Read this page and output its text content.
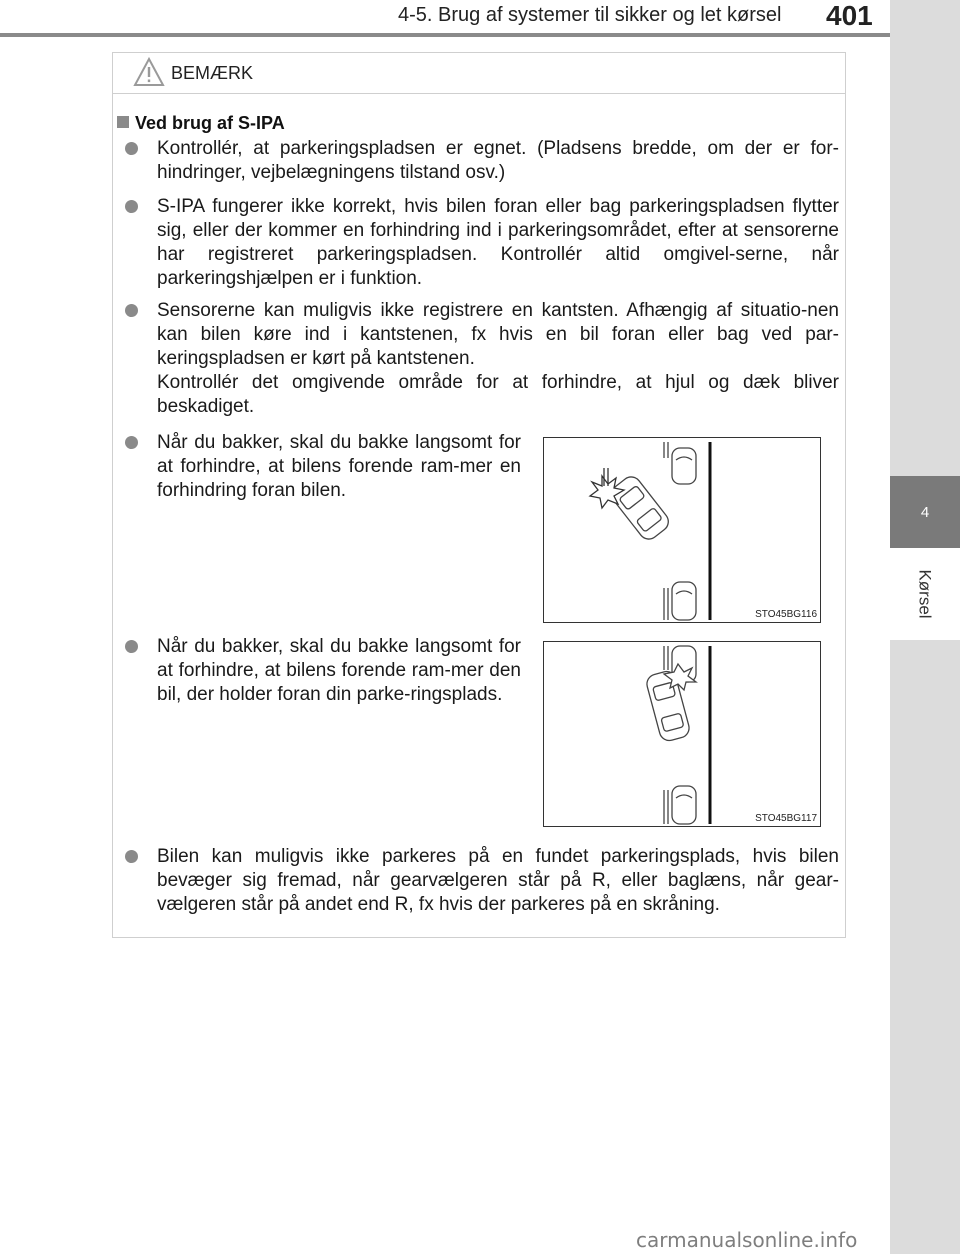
4-5. Brug af systemer til sikker og let kørsel 401
4
Kørsel
BEMÆRK
Ved brug af S-IPA
Kontrollér, at parkeringspladsen er egnet. (Pladsens bredde, om der er for-hindringer, vejbelægningens tilstand osv.)
S-IPA fungerer ikke korrekt, hvis bilen foran eller bag parkeringspladsen flytter sig, eller der kommer en forhindring ind i parkeringsområdet, efter at sensorerne har registreret parkeringspladsen. Kontrollér altid omgivel-serne, når parkeringshjælpen er i funktion.
Sensorerne kan muligvis ikke registrere en kantsten. Afhængig af situatio-nen kan bilen køre ind i kantstenen, fx hvis en bil foran eller bag ved par-keringspladsen er kørt på kantstenen.
Kontrollér det omgivende område for at forhindre, at hjul og dæk bliver beskadiget.
Når du bakker, skal du bakke langsomt for at forhindre, at bilens forende ram-mer en forhindring foran bilen.
STO45BG116
Når du bakker, skal du bakke langsomt for at forhindre, at bilens forende ram-mer den bil, der holder foran din parke-ringsplads.
STO45BG117
Bilen kan muligvis ikke parkeres på en fundet parkeringsplads, hvis bilen bevæger sig fremad, når gearvælgeren står på R, eller baglæns, når gear-vælgeren står på andet end R, fx hvis der parkeres på en skråning.
carmanualsonline.info
